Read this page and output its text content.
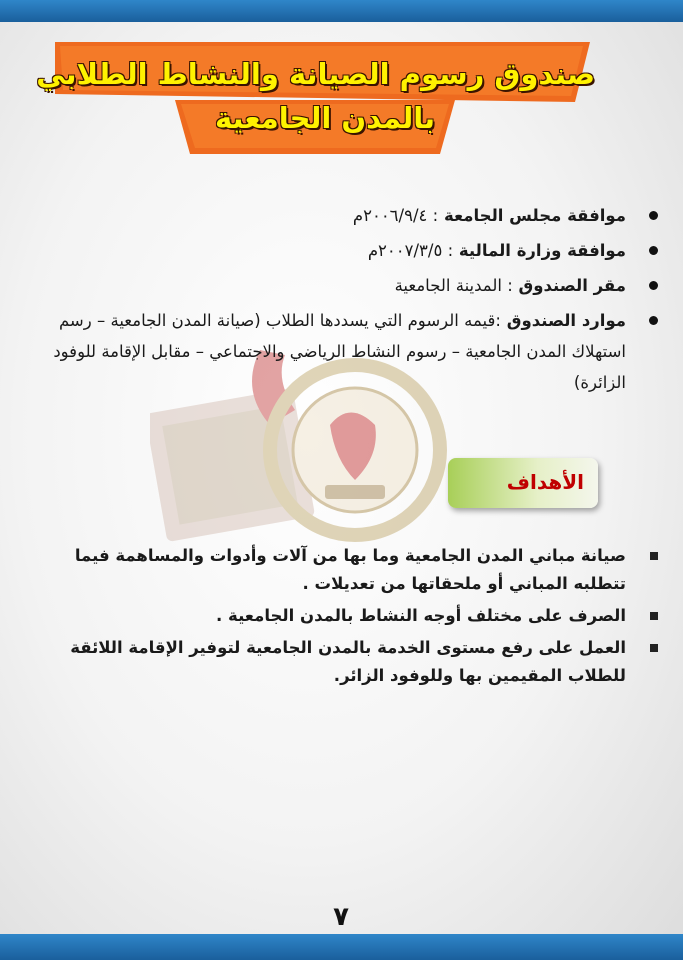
صندوق رسوم الصيانة والنشاط الطلابي
بالمدن الجامعية
موافقة مجلس الجامعة : ٢٠٠٦/٩/٤م
موافقة وزارة المالية : ٢٠٠٧/٣/٥م
مقر الصندوق : المدينة الجامعية
موارد الصندوق :قيمه الرسوم التي يسددها الطلاب (صيانة المدن الجامعية – رسم استهلاك المدن الجامعية – رسوم النشاط الرياضي والاجتماعي – مقابل الإقامة للوفود الزائرة)
الأهداف
صيانة مباني المدن الجامعية وما بها من آلات وأدوات والمساهمة فيما تتطلبه المباني أو ملحقاتها من تعديلات .
الصرف على مختلف أوجه النشاط بالمدن الجامعية .
العمل على رفع مستوى الخدمة بالمدن الجامعية لتوفير الإقامة اللائقة للطلاب المقيمين بها وللوفود الزائر.
٧
